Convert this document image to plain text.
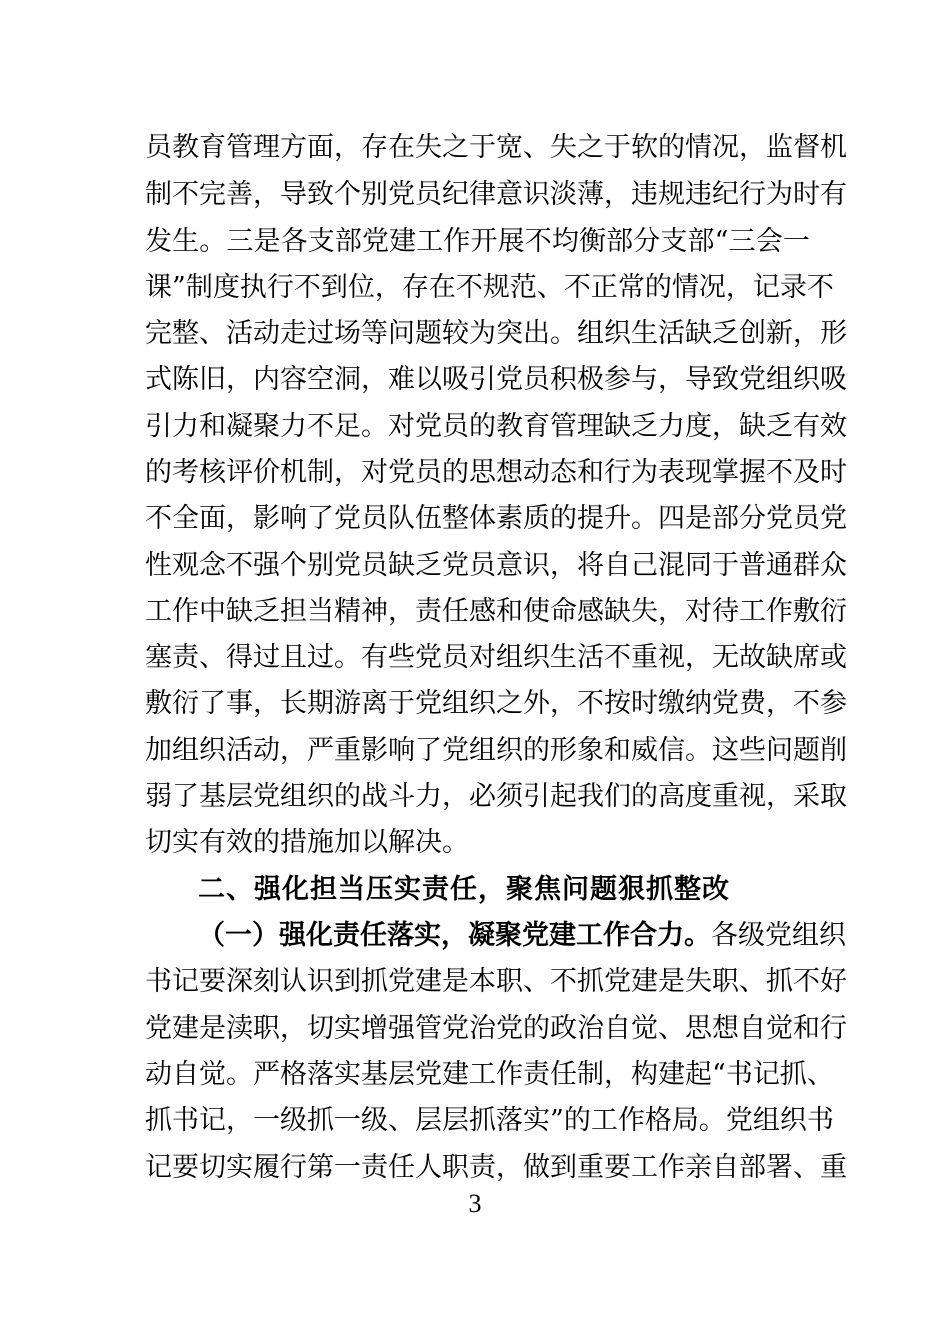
员 教 育 管 理 方 面 ， 存 在 失 之 于 宽 、 失 之 于 软 的 情 况 ， 监 督 机
制 不 完 善 ， 导 致 个 别 党 员 纪 律 意 识 淡 薄 ， 违 规 违 纪 行 为 时 有
发 生 。 三 是 各 支 部 党 建 工 作 开 展 不 均 衡 部 分 支 部 “ 三 会 一
课 ” 制 度 执 行 不 到 位 ， 存 在 不 规 范 、 不 正 常 的 情 况 ， 记 录 不
完 整 、 活 动 走 过 场 等 问 题 较 为 突 出 。 组 织 生 活 缺 乏 创 新 ， 形
式 陈 旧 ， 内 容 空 洞 ， 难 以 吸 引 党 员 积 极 参 与 ， 导 致 党 组 织 吸
引 力 和 凝 聚 力 不 足 。 对 党 员 的 教 育 管 理 缺 乏 力 度 ， 缺 乏 有 效
的 考 核 评 价 机 制 ， 对 党 员 的 思 想 动 态 和 行 为 表 现 掌 握 不 及 时
不 全 面 ， 影 响 了 党 员 队 伍 整 体 素 质 的 提 升 。 四 是 部 分 党 员 党
性 观 念 不 强 个 别 党 员 缺 乏 党 员 意 识 ， 将 自 己 混 同 于 普 通 群 众
工 作 中 缺 乏 担 当 精 神 ， 责 任 感 和 使 命 感 缺 失 ， 对 待 工 作 敷 衍
塞 责 、 得 过 且 过 。 有 些 党 员 对 组 织 生 活 不 重 视 ， 无 故 缺 席 或
敷 衍 了 事 ， 长 期 游 离 于 党 组 织 之 外 ， 不 按 时 缴 纳 党 费 ， 不 参
加 组 织 活 动 ， 严 重 影 响 了 党 组 织 的 形 象 和 威 信 。 这 些 问 题 削
弱 了 基 层 党 组 织 的 战 斗 力 ， 必 须 引 起 我 们 的 高 度 重 视 ， 采 取
切实有效的措施加以解决。
二、强化担当压实责任，聚焦问题狠抓整改
（一）强化责任落实，凝聚党建工作合力。各级党组织
书 记 要 深 刻 认 识 到 抓 党 建 是 本 职 、 不 抓 党 建 是 失 职 、 抓 不 好
党 建 是 渎 职 ， 切 实 增 强 管 党 治 党 的 政 治 自 觉 、 思 想 自 觉 和 行
动 自 觉 。 严 格 落 实 基 层 党 建 工 作 责 任 制 ， 构 建 起 “ 书 记 抓 、
抓 书 记 ， 一 级 抓 一 级 、 层 层 抓 落 实 ” 的 工 作 格 局 。 党 组 织 书
记 要 切 实 履 行 第 一 责 任 人 职 责 ， 做 到 重 要 工 作 亲 自 部 署 、 重
3
